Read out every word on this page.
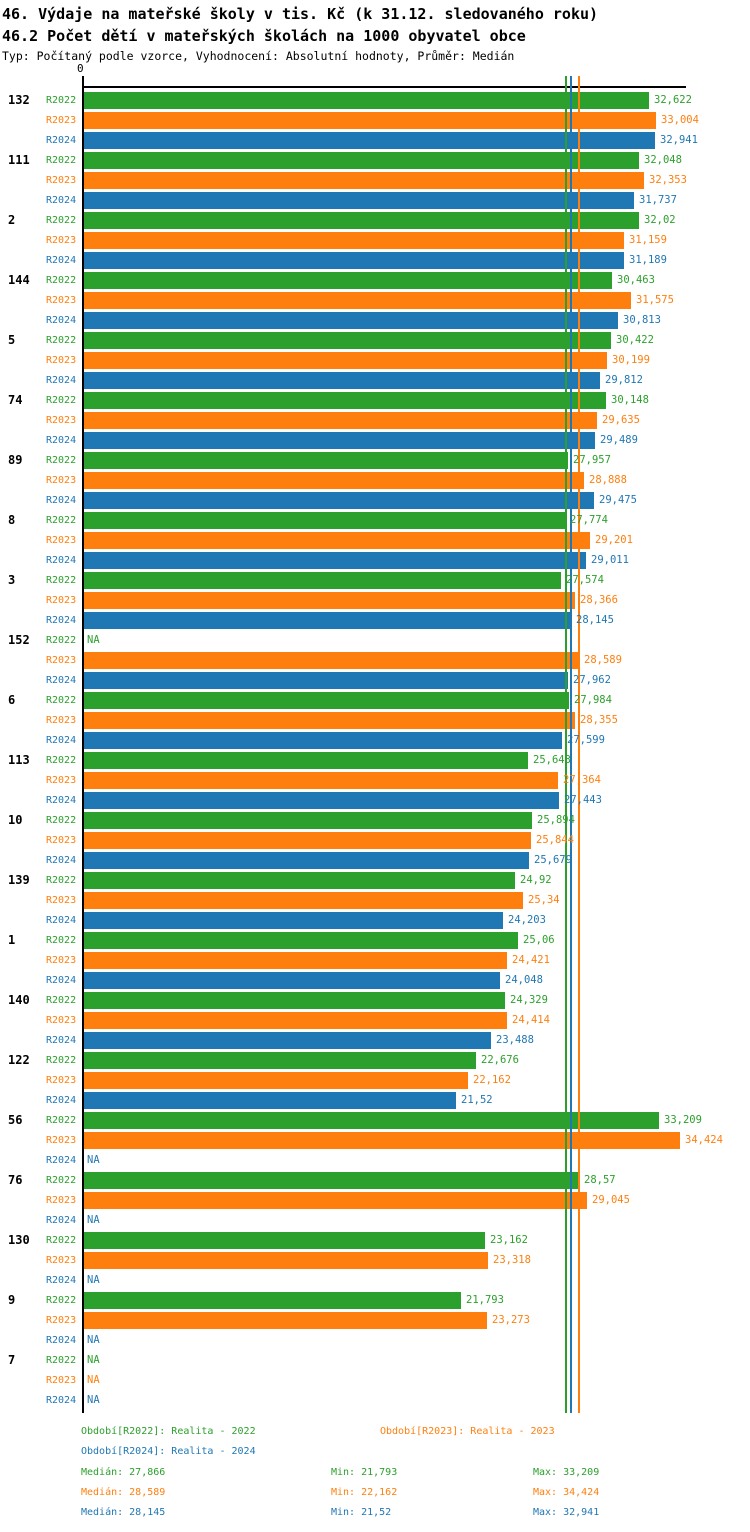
46. Výdaje na mateřské školy v tis. Kč (k 31.12. sledovaného roku)
46.2 Počet dětí v mateřských školách na 1000 obyvatel obce
Typ: Počítaný podle vzorce, Vyhodnocení: Absolutní hodnoty, Průměr: Medián
0
132	R2022	32,622
R2023	33,004
R2024	32,941
111	R2022	32,048
R2023	32,353
R2024	31,737
2	R2022	32,02
R2023	31,159
R2024	31,189
144	R2022	30,463
R2023	31,575
R2024	30,813
5	R2022	30,422
R2023	30,199
R2024	29,812
74	R2022	30,148
R2023	29,635
R2024	29,489
89	R2022	27,957
R2023	28,888
R2024	29,475
8	R2022	27,774
R2023	29,201
R2024	29,011
3	R2022	27,574
R2023	28,366
R2024	28,145
152	R2022 NA
R2023	28,589
R2024	27,962
6	R2022	27,984
R2023	28,355
R2024	27,599
113	R2022	25,643
R2023	27,364
R2024	27,443
10	R2022	25,894
R2023	25,844
R2024	25,679
139	R2022	24,92
R2023	25,34
R2024	24,203
1	R2022	25,06
R2023	24,421
R2024	24,048
140	R2022	24,329
R2023	24,414
R2024	23,488
122	R2022	22,676
R2023	22,162
R2024	21,52
56	R2022	33,209
R2023	34,424
R2024 NA
76	R2022	28,57
R2023	29,045
R2024 NA
130	R2022	23,162
R2023	23,318
R2024 NA
9	R2022	21,793
R2023	23,273
R2024 NA
7	R2022 NA
R2023 NA
R2024 NA
Období[R2022]: Realita - 2022	Období[R2023]: Realita - 2023
Období[R2024]: Realita - 2024
Medián: 27,866	Min: 21,793	Max: 33,209
Medián: 28,589	Min: 22,162	Max: 34,424
Medián: 28,145	Min: 21,52	Max: 32,941
